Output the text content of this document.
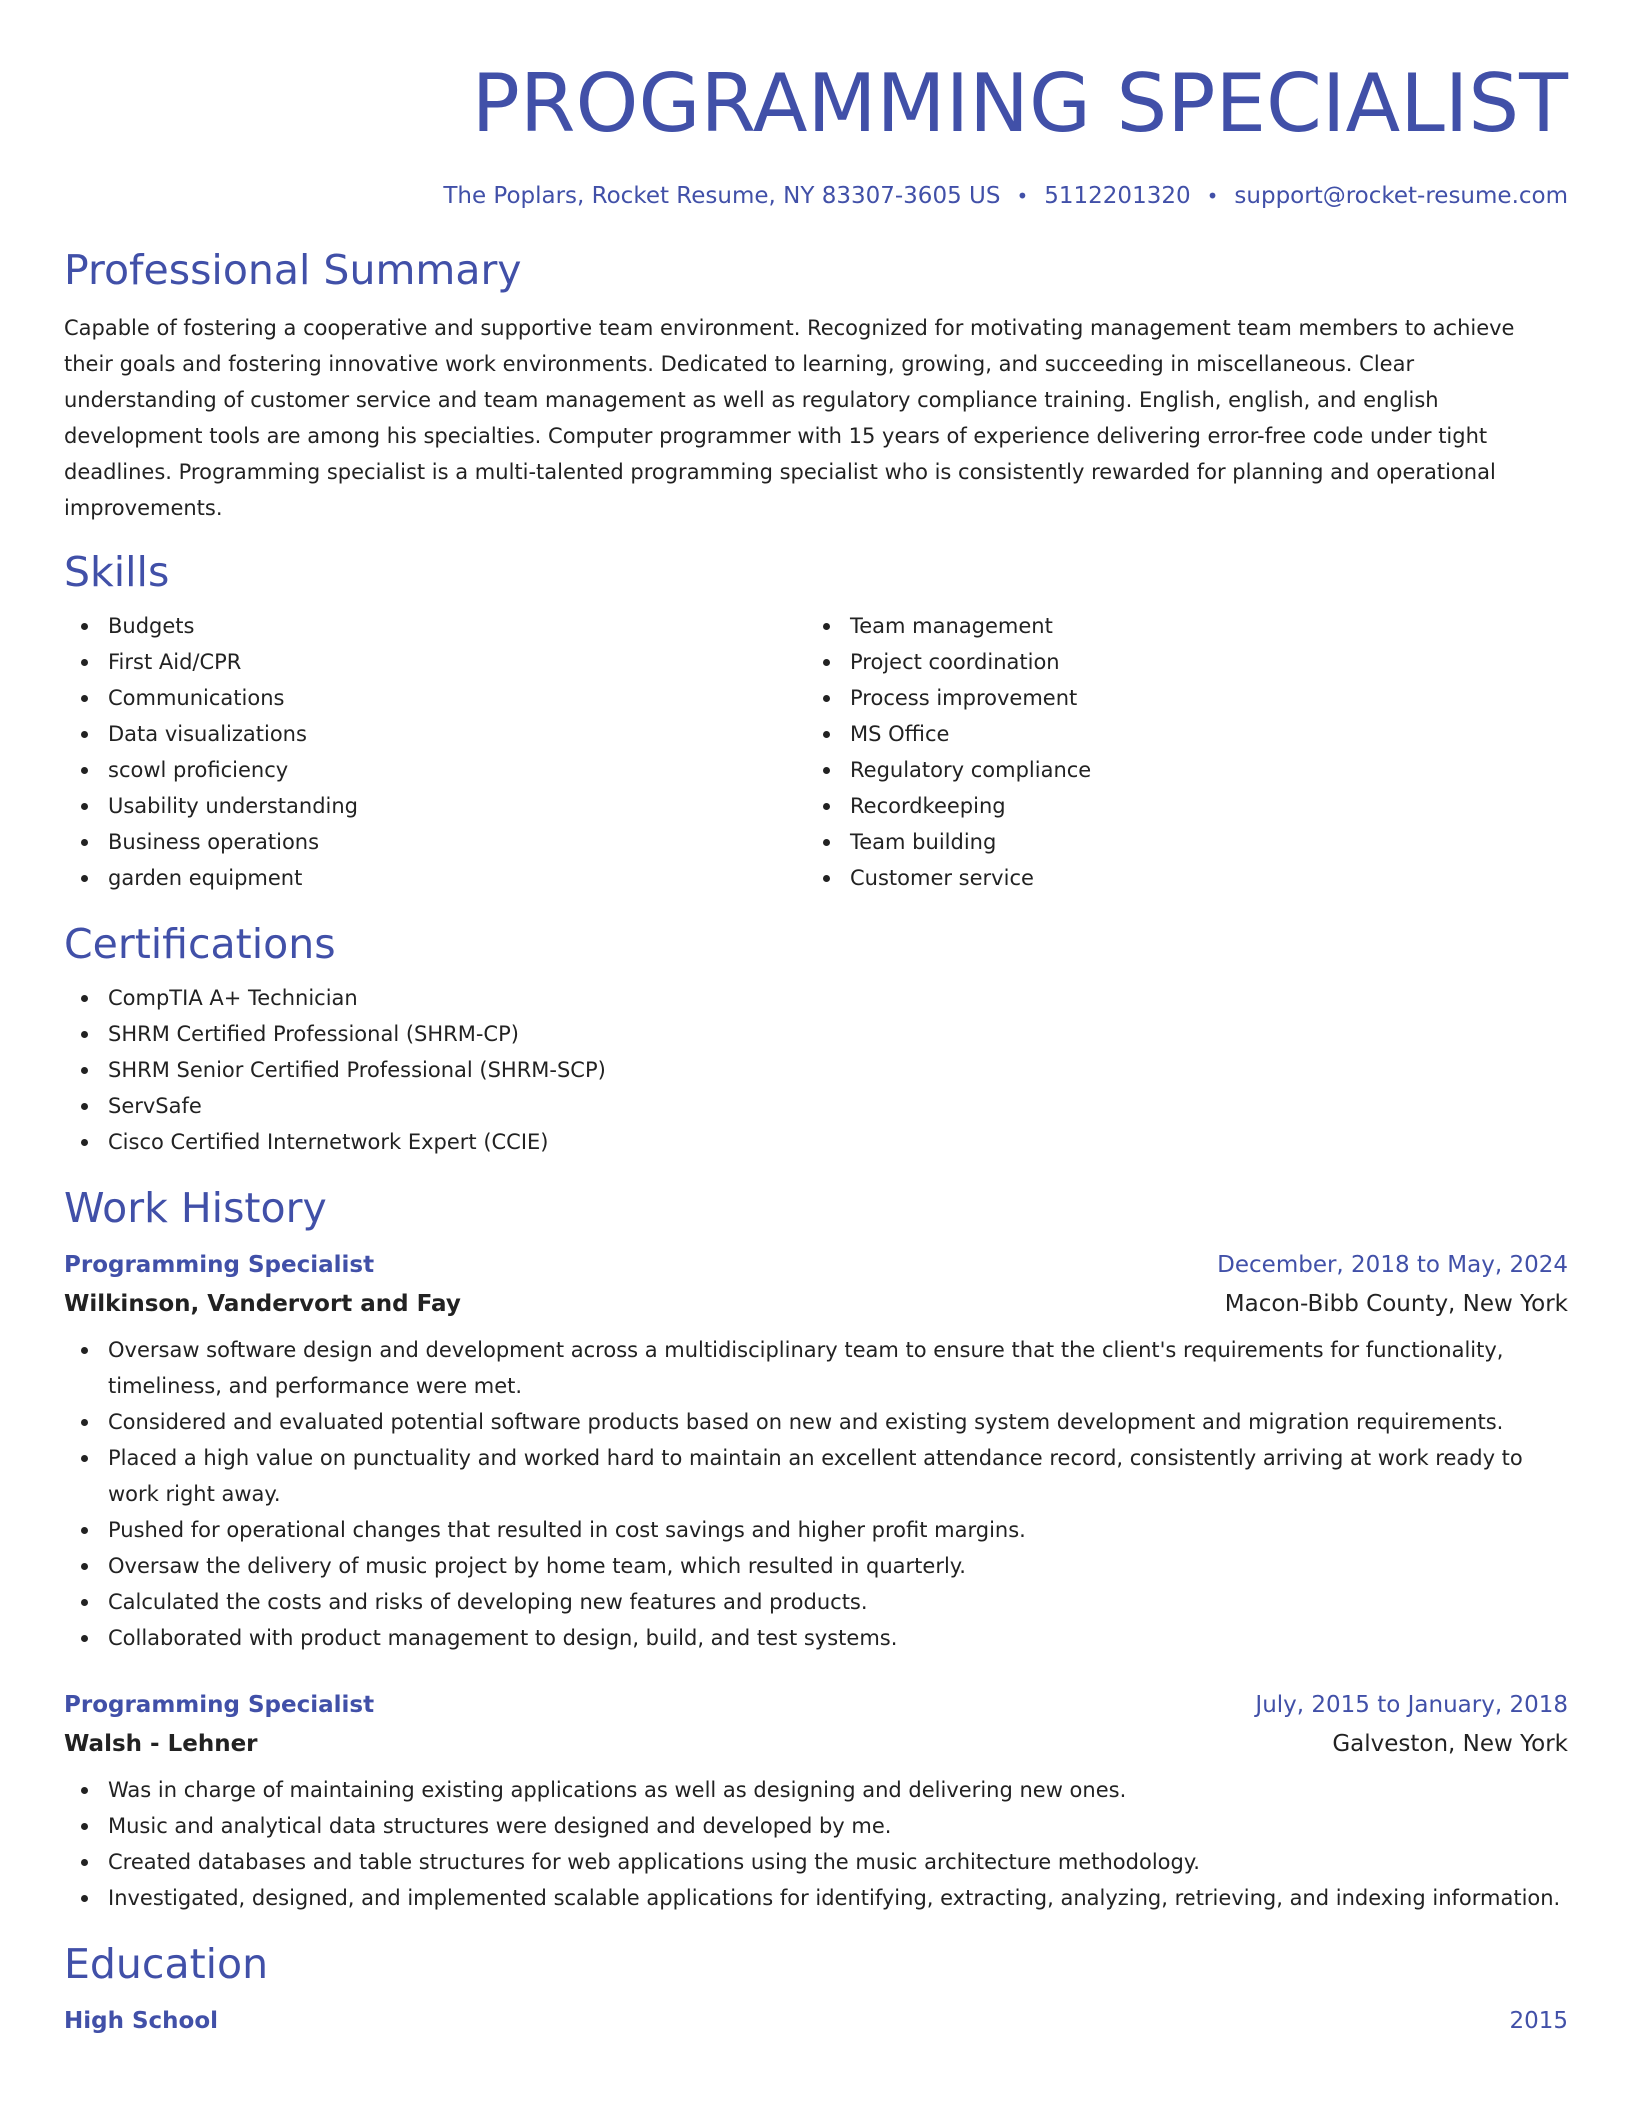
PROGRAMMING SPECIALIST
The Poplars, Rocket Resume, NY 83307-3605 US • 5112201320 • support@rocket-resume.com
Professional Summary

Capable of fostering a cooperative and supportive team environment. Recognized for motivating management team members to achieve their goals and fostering innovative work environments. Dedicated to learning, growing, and succeeding in miscellaneous. Clear understanding of customer service and team management as well as regulatory compliance training. English, english, and english development tools are among his specialties. Computer programmer with 15 years of experience delivering error-free code under tight deadlines. Programming specialist is a multi-talented programming specialist who is consistently rewarded for planning and operational improvements.

Skills
Budgets
First Aid/CPR
Communications
Data visualizations
scowl proficiency
Usability understanding
Business operations
garden equipment
Team management
Project coordination
Process improvement
MS Office
Regulatory compliance
Recordkeeping
Team building
Customer service
Certifications
CompTIA A+ Technician
SHRM Certified Professional (SHRM-CP)
SHRM Senior Certified Professional (SHRM-SCP)
ServSafe
Cisco Certified Internetwork Expert (CCIE)
Work History
Programming Specialist	December, 2018 to May, 2024
Wilkinson, Vandervort and Fay	Macon-Bibb County, New York
Oversaw software design and development across a multidisciplinary team to ensure that the client's requirements for functionality, timeliness, and performance were met.
Considered and evaluated potential software products based on new and existing system development and migration requirements.
Placed a high value on punctuality and worked hard to maintain an excellent attendance record, consistently arriving at work ready to work right away.
Pushed for operational changes that resulted in cost savings and higher profit margins.
Oversaw the delivery of music project by home team, which resulted in quarterly.
Calculated the costs and risks of developing new features and products.
Collaborated with product management to design, build, and test systems.
Programming Specialist	July, 2015 to January, 2018
Walsh - Lehner	Galveston, New York
Was in charge of maintaining existing applications as well as designing and delivering new ones.
Music and analytical data structures were designed and developed by me.
Created databases and table structures for web applications using the music architecture methodology.
Investigated, designed, and implemented scalable applications for identifying, extracting, analyzing, retrieving, and indexing information.
Education
High School	2015
